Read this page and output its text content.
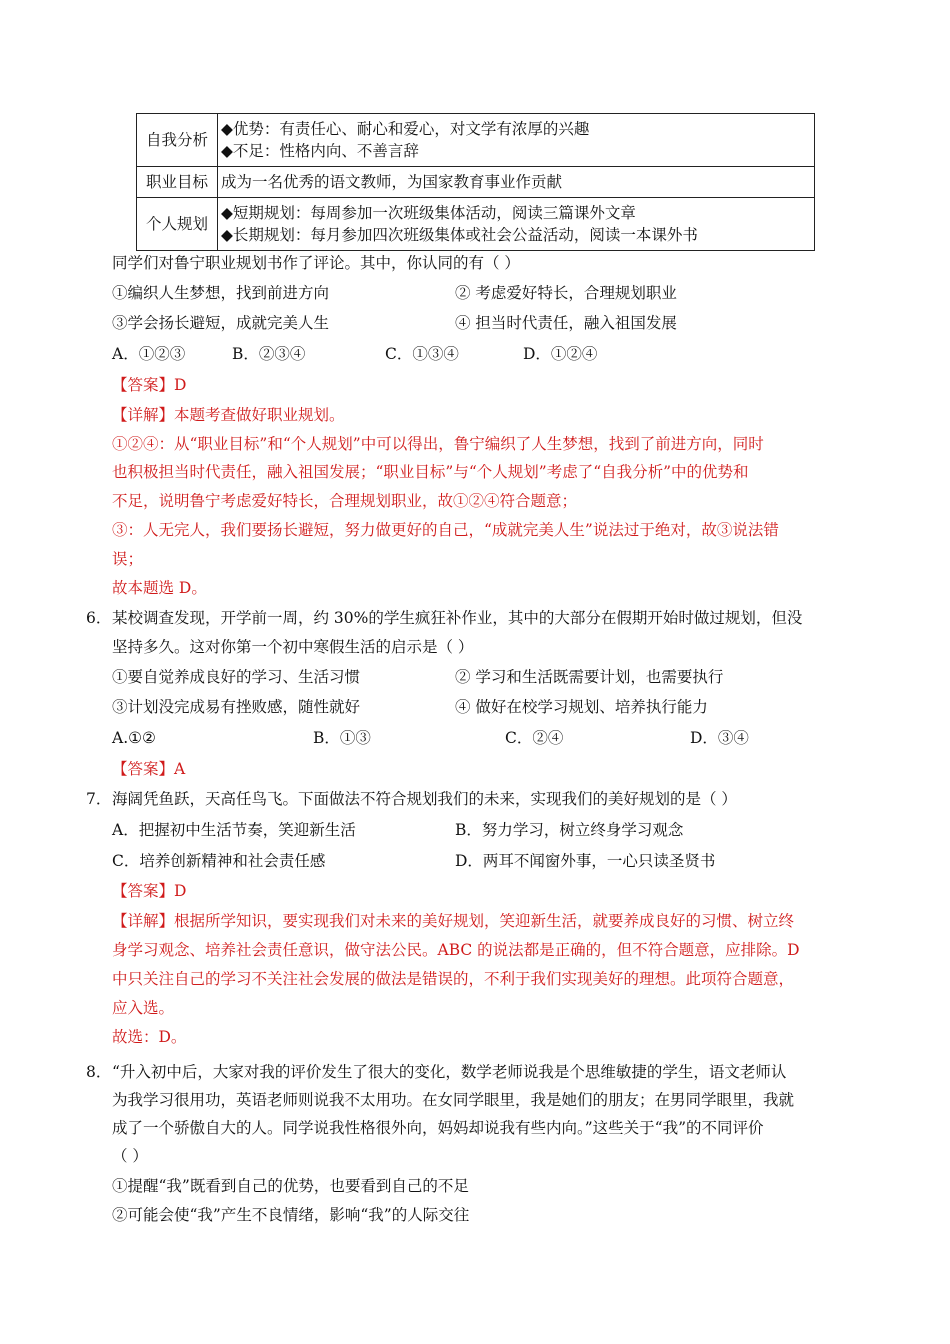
自我分析	◆优势：有责任心、耐心和爱心，对文学有浓厚的兴趣
◆不足：性格内向、不善言辞

职业目标	成为一名优秀的语文教师，为国家教育事业作贡献

个人规划	◆短期规划：每周参加一次班级集体活动，阅读三篇课外文章
◆长期规划：每月参加四次班级集体或社会公益活动，阅读一本课外书
同学们对鲁宁职业规划书作了评论。其中，你认同的有（ ）
①编织人生梦想，找到前进方向	② 考虑爱好特长，合理规划职业
③学会扬长避短，成就完美人生	④ 担当时代责任，融入祖国发展
A．①②③	B．②③④	C．①③④	D．①②④
【答案】D
【详解】本题考查做好职业规划。
①②④：从“职业目标”和“个人规划”中可以得出，鲁宁编织了人生梦想，找到了前进方向，同时
也积极担当时代责任，融入祖国发展；“职业目标”与“个人规划”考虑了“自我分析”中的优势和
不足，说明鲁宁考虑爱好特长，合理规划职业，故①②④符合题意；
③：人无完人，我们要扬长避短，努力做更好的自己，“成就完美人生”说法过于绝对，故③说法错
误；
故本题选 D。
6． 某校调查发现，开学前一周，约 30%的学生疯狂补作业，其中的大部分在假期开始时做过规划，但没
坚持多久。这对你第一个初中寒假生活的启示是（ ）
①要自觉养成良好的学习、生活习惯	② 学习和生活既需要计划，也需要执行
③计划没完成易有挫败感，随性就好	④ 做好在校学习规划、培养执行能力
A.①②	B．①③	C．②④	D．③④
【答案】A
7． 海阔凭鱼跃，天高任鸟飞。下面做法不符合规划我们的未来，实现我们的美好规划的是（ ）
A．把握初中生活节奏，笑迎新生活	B．努力学习，树立终身学习观念
C．培养创新精神和社会责任感	D．两耳不闻窗外事，一心只读圣贤书
【答案】D
【详解】根据所学知识，要实现我们对未来的美好规划，笑迎新生活，就要养成良好的习惯、树立终
身学习观念、培养社会责任意识，做守法公民。ABC 的说法都是正确的，但不符合题意，应排除。D
中只关注自己的学习不关注社会发展的做法是错误的，不利于我们实现美好的理想。此项符合题意，
应入选。
故选：D。
8． “升入初中后，大家对我的评价发生了很大的变化，数学老师说我是个思维敏捷的学生，语文老师认
为我学习很用功，英语老师则说我不太用功。在女同学眼里，我是她们的朋友；在男同学眼里，我就
成了一个骄傲自大的人。同学说我性格很外向，妈妈却说我有些内向。”这些关于“我”的不同评价
（ ）
①提醒“我”既看到自己的优势，也要看到自己的不足
②可能会使“我”产生不良情绪，影响“我”的人际交往
